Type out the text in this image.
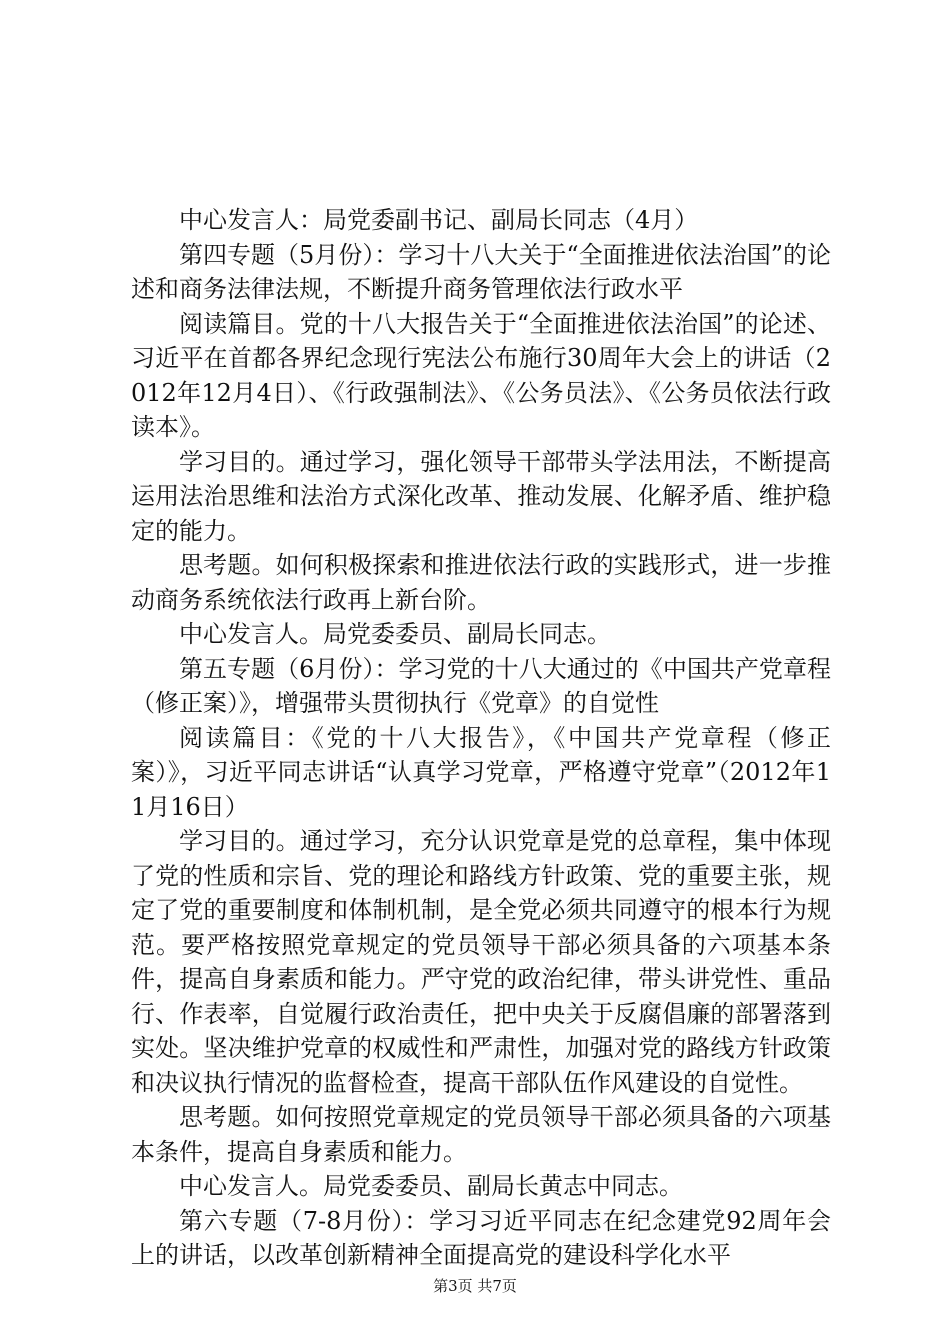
中心发言人：局党委副书记、副局长同志（4月）

第四专题（5月份）：学习十八大关于“全面推进依法治国”的论述和商务法律法规，不断提升商务管理依法行政水平

阅读篇目。党的十八大报告关于“全面推进依法治国”的论述、习近平在首都各界纪念现行宪法公布施行30周年大会上的讲话（2012年12月4日）、《行政强制法》、《公务员法》、《公务员依法行政读本》。

学习目的。通过学习，强化领导干部带头学法用法，不断提高运用法治思维和法治方式深化改革、推动发展、化解矛盾、维护稳定的能力。

思考题。如何积极探索和推进依法行政的实践形式，进一步推动商务系统依法行政再上新台阶。

中心发言人。局党委委员、副局长同志。

第五专题（6月份）：学习党的十八大通过的《中国共产党章程（修正案）》，增强带头贯彻执行《党章》的自觉性

阅读篇目：《党的十八大报告》，《中国共产党章程（修正案）》，习近平同志讲话“认真学习党章，严格遵守党章”（2012年11月16日）

学习目的。通过学习，充分认识党章是党的总章程，集中体现了党的性质和宗旨、党的理论和路线方针政策、党的重要主张，规定了党的重要制度和体制机制，是全党必须共同遵守的根本行为规范。要严格按照党章规定的党员领导干部必须具备的六项基本条件，提高自身素质和能力。严守党的政治纪律，带头讲党性、重品行、作表率，自觉履行政治责任，把中央关于反腐倡廉的部署落到实处。坚决维护党章的权威性和严肃性，加强对党的路线方针政策和决议执行情况的监督检查，提高干部队伍作风建设的自觉性。

思考题。如何按照党章规定的党员领导干部必须具备的六项基本条件，提高自身素质和能力。

中心发言人。局党委委员、副局长黄志中同志。

第六专题（7-8月份）：学习习近平同志在纪念建党92周年会上的讲话，以改革创新精神全面提高党的建设科学化水平

第3页 共7页
